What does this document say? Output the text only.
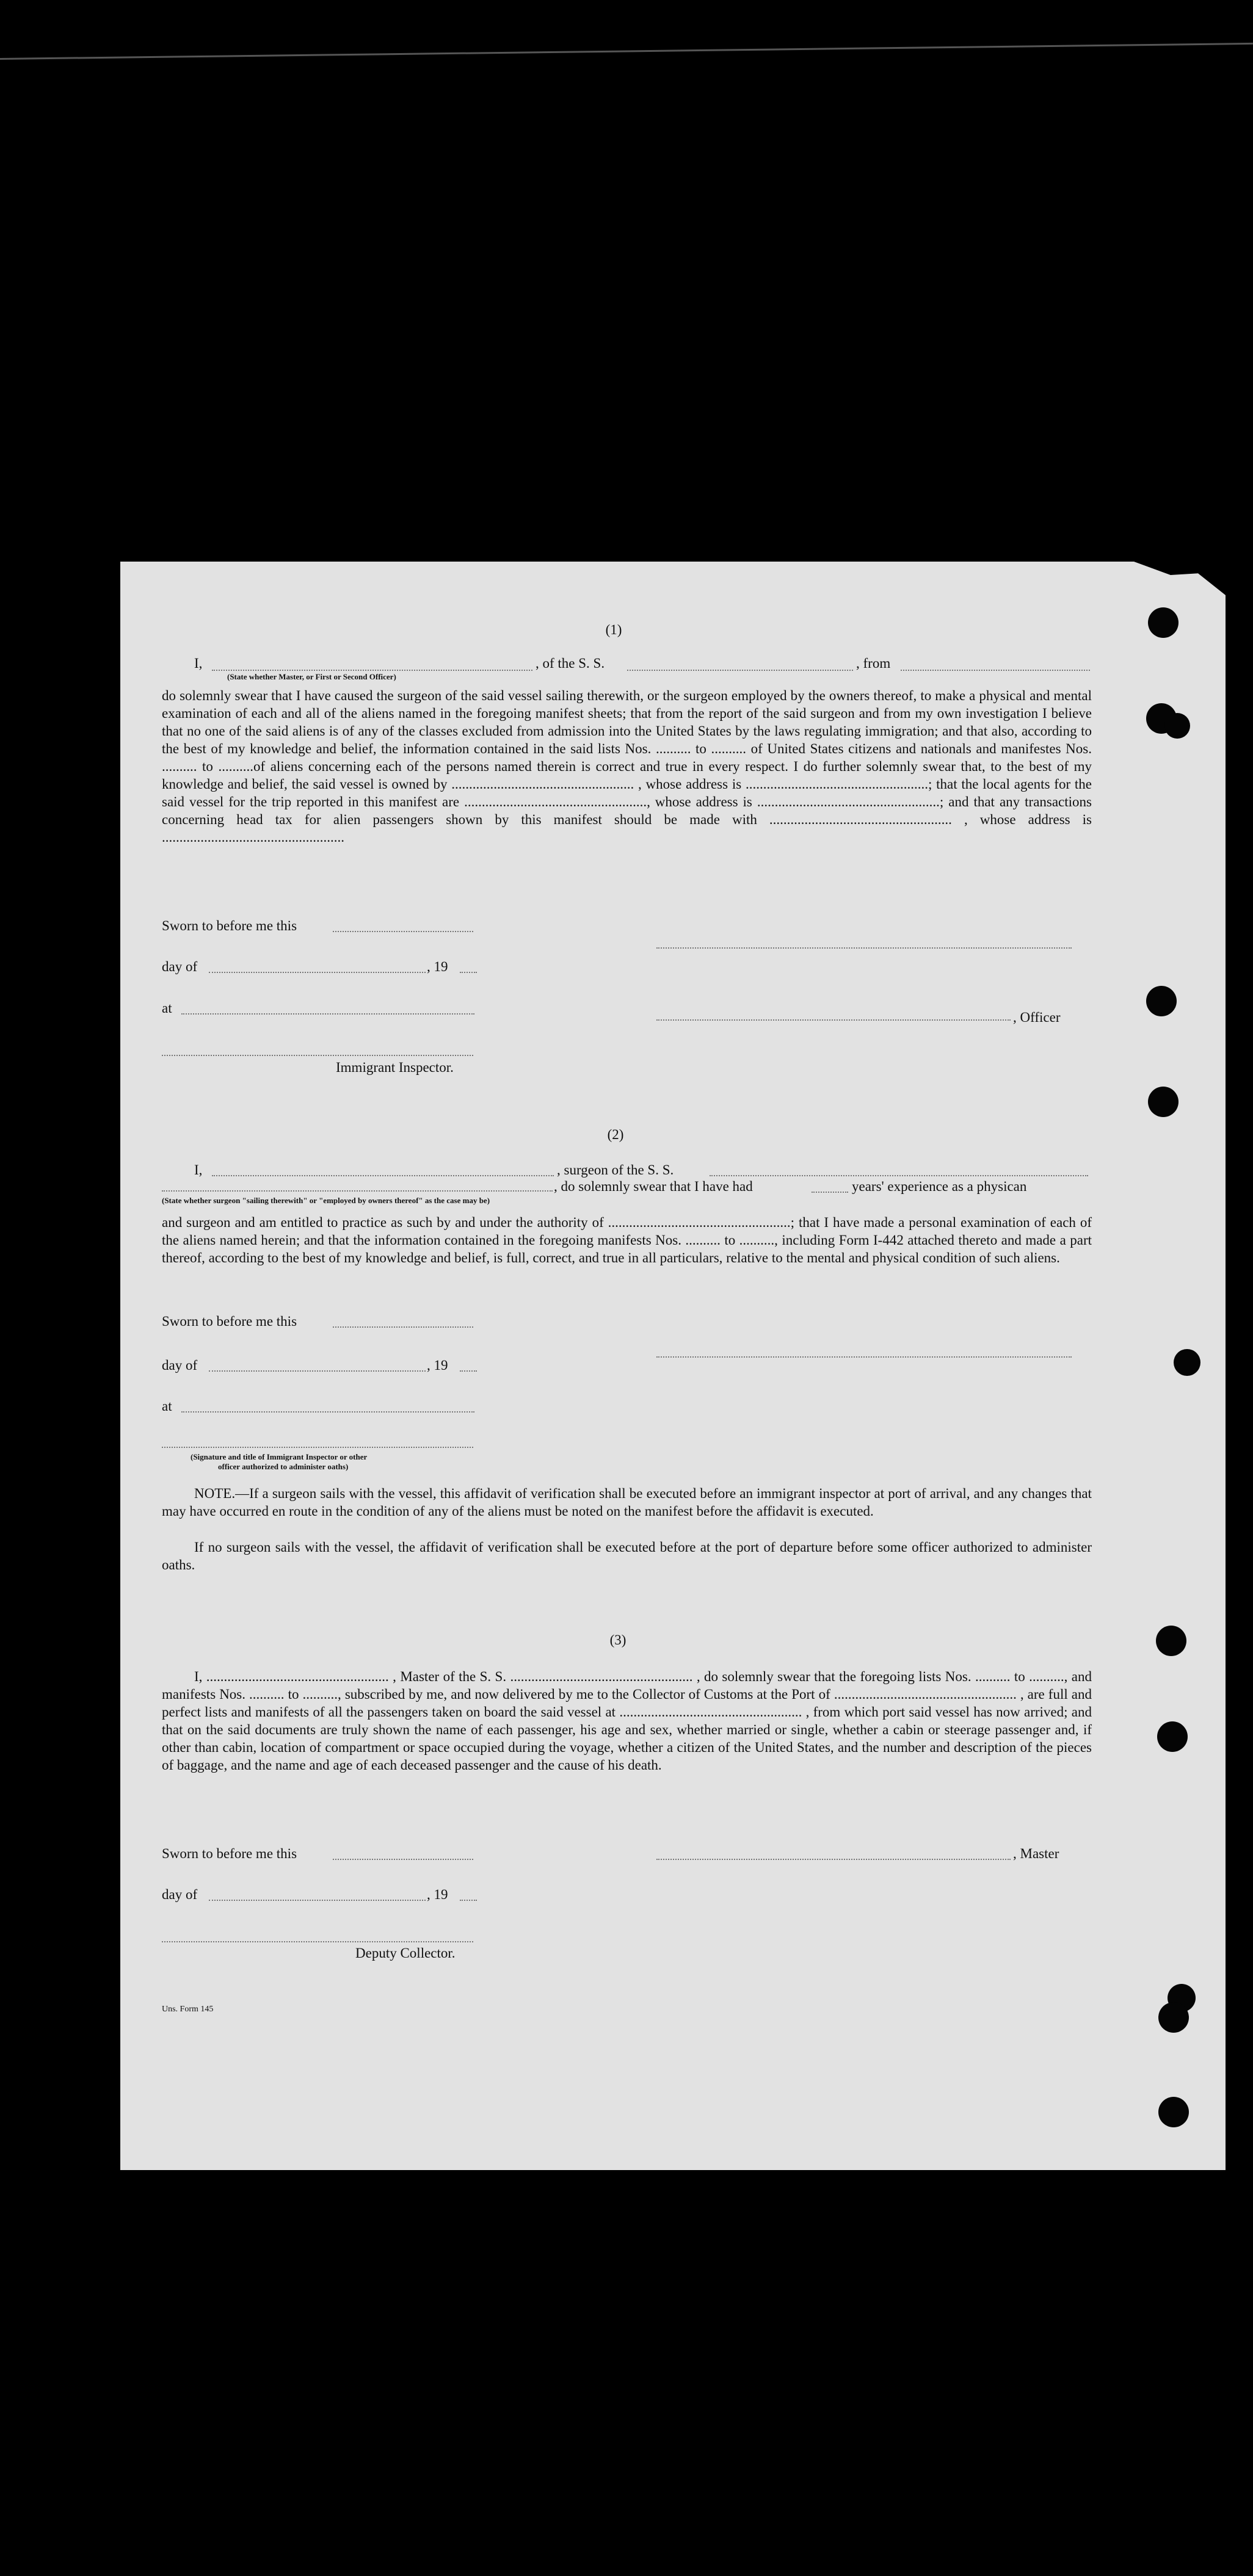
(1)
I,
(State whether Master, or First or Second Officer)
, of the S. S.	, from
do solemnly swear that I have caused the surgeon of the said vessel sailing therewith, or the surgeon employed by the owners thereof, to make a physical and mental examination of each and all of the aliens named in the foregoing manifest sheets; that from the report of the said surgeon and from my own investigation I believe that no one of the said aliens is of any of the classes excluded from admission into the United States by the laws regulating immigration; and that also, according to the best of my knowledge and belief, the information contained in the said lists Nos. .......... to .......... of United States citizens and nationals and manifestes Nos. .......... to ..........of aliens concerning each of the persons named therein is correct and true in every respect. I do further solemnly swear that, to the best of my knowledge and belief, the said vessel is owned by .................................................... , whose address is ....................................................; that the local agents for the said vessel for the trip reported in this manifest are ...................................................., whose address is ....................................................; and that any transactions concerning head tax for alien passengers shown by this manifest should be made with .................................................... , whose address is ....................................................
Sworn to before me this
day of	, 19
at
, Officer
Immigrant Inspector.
(2)
I,	, surgeon of the S. S.
, do solemnly swear that I have had	years' experience as a physican
(State whether surgeon "sailing therewith" or "employed by owners thereof" as the case may be)
and surgeon and am entitled to practice as such by and under the authority of ....................................................; that I have made a personal examination of each of the aliens named herein; and that the information contained in the foregoing manifests Nos. .......... to .........., including Form I-442 attached thereto and made a part thereof, according to the best of my knowledge and belief, is full, correct, and true in all particulars, relative to the mental and physical condition of such aliens.
Sworn to before me this
day of	, 19
at
(Signature and title of Immigrant Inspector or other
officer authorized to administer oaths)
NOTE.—If a surgeon sails with the vessel, this affidavit of verification shall be executed before an immigrant inspector at port of arrival, and any changes that may have occurred en route in the condition of any of the aliens must be noted on the manifest before the affidavit is executed.
If no surgeon sails with the vessel, the affidavit of verification shall be executed before at the port of departure before some officer authorized to administer oaths.
(3)
I, .................................................... , Master of the S. S. .................................................... , do solemnly swear that the foregoing lists Nos. .......... to .........., and manifests Nos. .......... to .........., subscribed by me, and now delivered by me to the Collector of Customs at the Port of .................................................... , are full and perfect lists and manifests of all the passengers taken on board the said vessel at .................................................... , from which port said vessel has now arrived; and that on the said documents are truly shown the name of each passenger, his age and sex, whether married or single, whether a cabin or steerage passenger and, if other than cabin, location of compartment or space occupied during the voyage, whether a citizen of the United States, and the number and description of the pieces of baggage, and the name and age of each deceased passenger and the cause of his death.
Sworn to before me this	, Master
day of	, 19
Deputy Collector.
Uns. Form 145
